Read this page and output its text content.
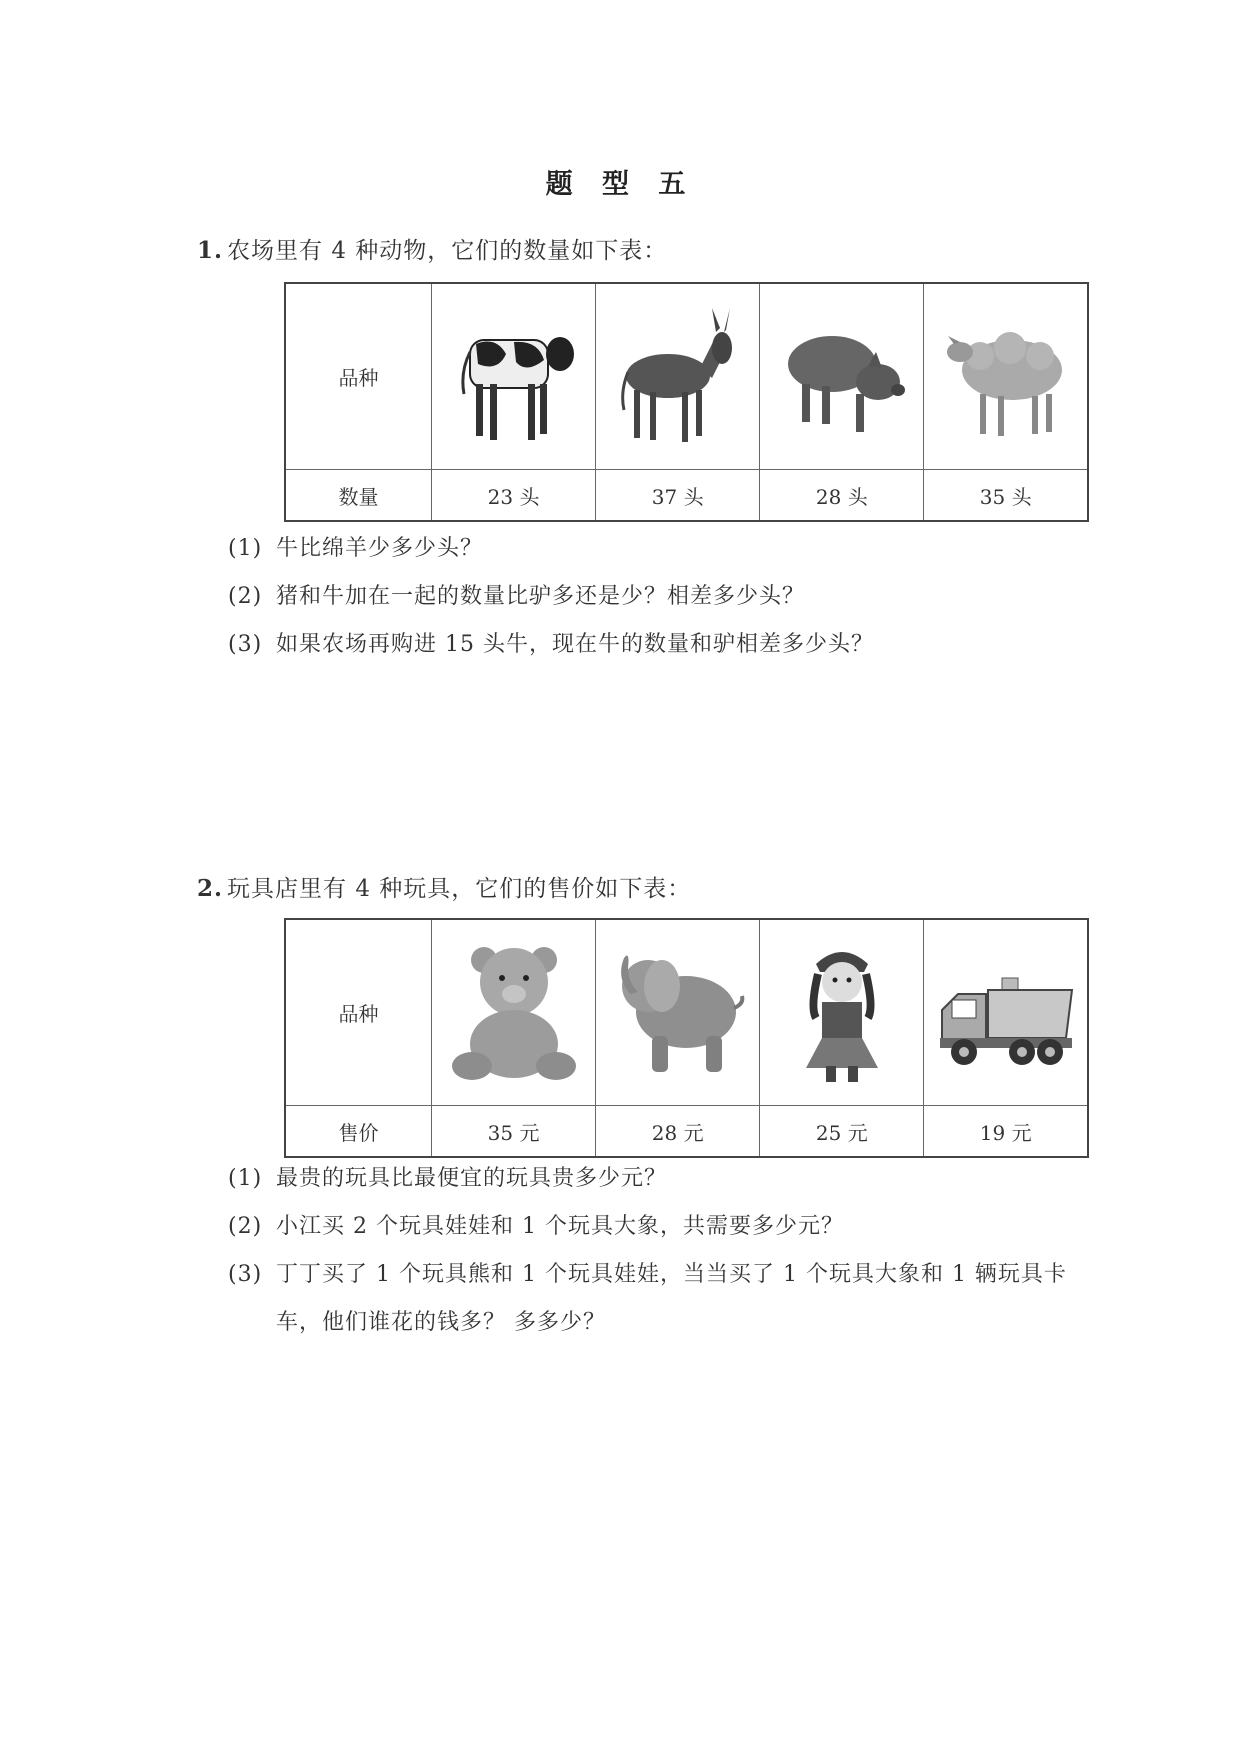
题 型 五
1. 农场里有 4 种动物，它们的数量如下表：
品种	

数量	23 头	37 头	28 头	35 头
(1) 牛比绵羊少多少头？
(2) 猪和牛加在一起的数量比驴多还是少？相差多少头？
(3) 如果农场再购进 15 头牛，现在牛的数量和驴相差多少头？
2. 玩具店里有 4 种玩具，它们的售价如下表：
品种	

售价	35 元	28 元	25 元	19 元
(1) 最贵的玩具比最便宜的玩具贵多少元？
(2) 小江买 2 个玩具娃娃和 1 个玩具大象，共需要多少元？
(3) 丁丁买了 1 个玩具熊和 1 个玩具娃娃，当当买了 1 个玩具大象和 1 辆玩具卡
车，他们谁花的钱多？ 多多少？
